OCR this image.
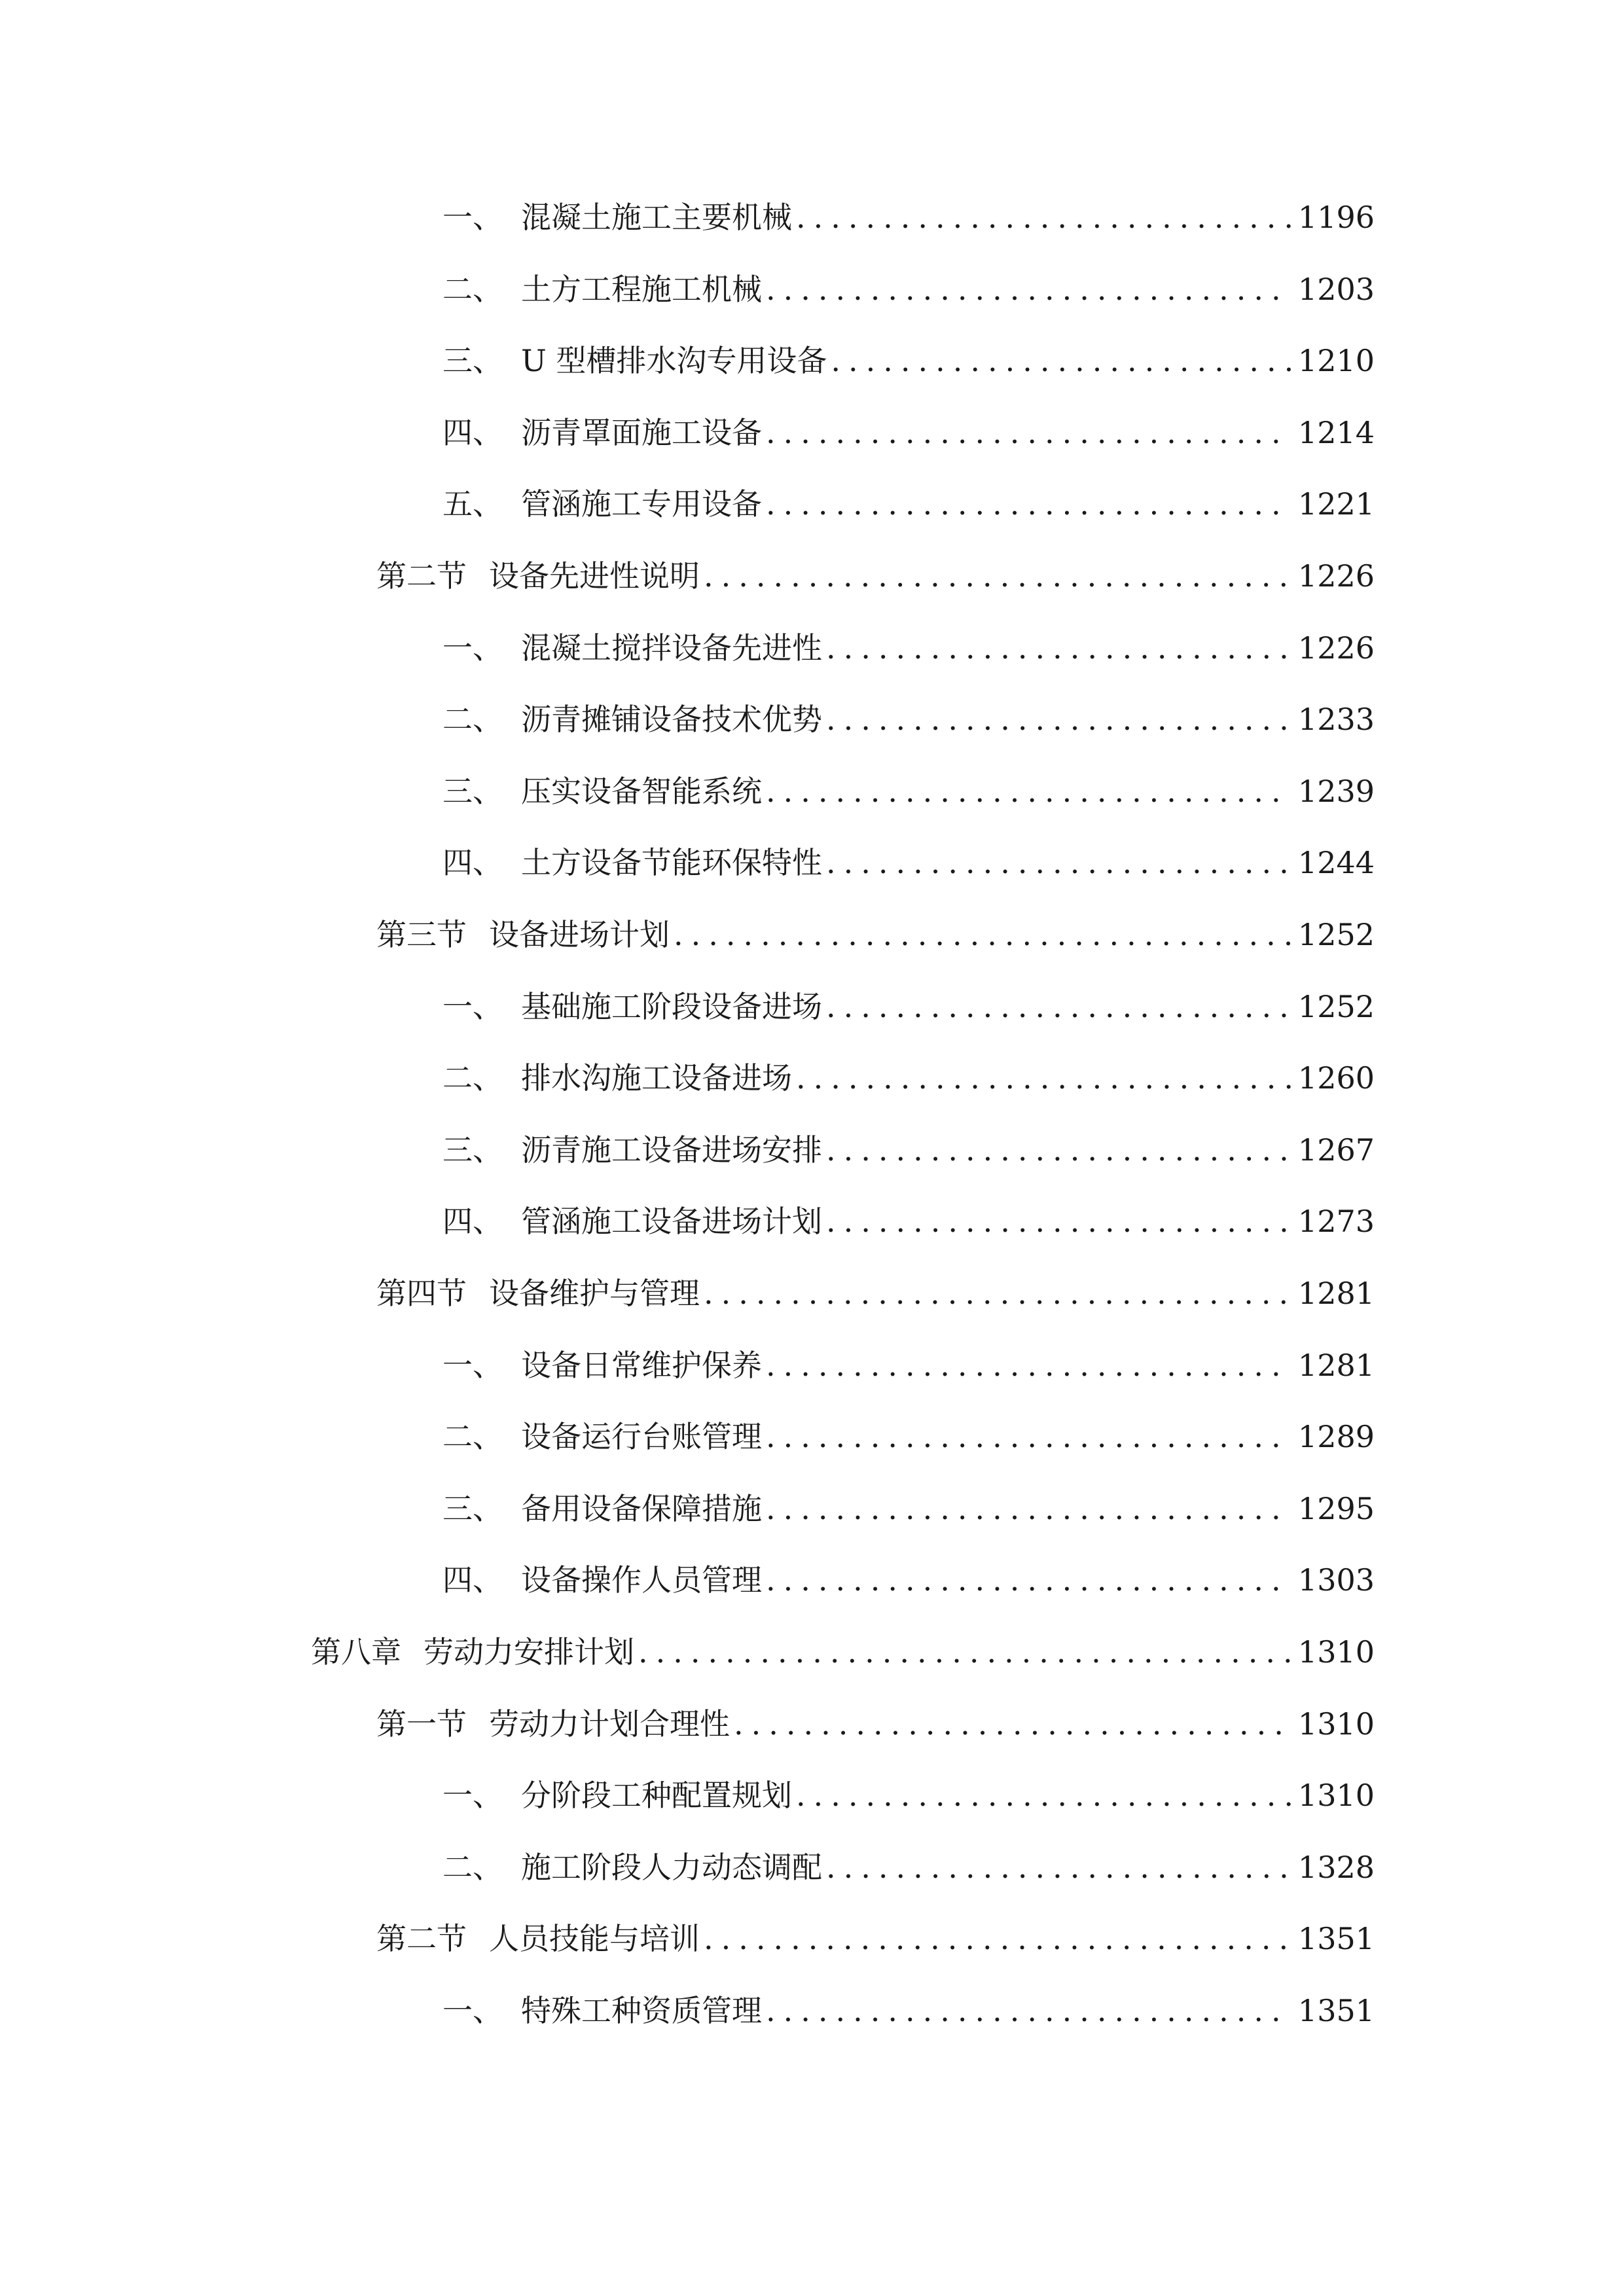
一、 混凝土施工主要机械 .....	1196
二、 土方工程施工机械 .....	1203
三、 U 型槽排水沟专用设备 .....	1210
四、 沥青罩面施工设备 .....	1214
五、 管涵施工专用设备 .....	1221
第二节 设备先进性说明 .....	1226
一、 混凝土搅拌设备先进性 .....	1226
二、 沥青摊铺设备技术优势 .....	1233
三、 压实设备智能系统 .....	1239
四、 土方设备节能环保特性 .....	1244
第三节 设备进场计划 .....	1252
一、 基础施工阶段设备进场 .....	1252
二、 排水沟施工设备进场 .....	1260
三、 沥青施工设备进场安排 .....	1267
四、 管涵施工设备进场计划 .....	1273
第四节 设备维护与管理 .....	1281
一、 设备日常维护保养 .....	1281
二、 设备运行台账管理 .....	1289
三、 备用设备保障措施 .....	1295
四、 设备操作人员管理 .....	1303
第八章 劳动力安排计划 .....	1310
第一节 劳动力计划合理性 .....	1310
一、 分阶段工种配置规划 .....	1310
二、 施工阶段人力动态调配 .....	1328
第二节 人员技能与培训 .....	1351
一、 特殊工种资质管理 .....	1351
